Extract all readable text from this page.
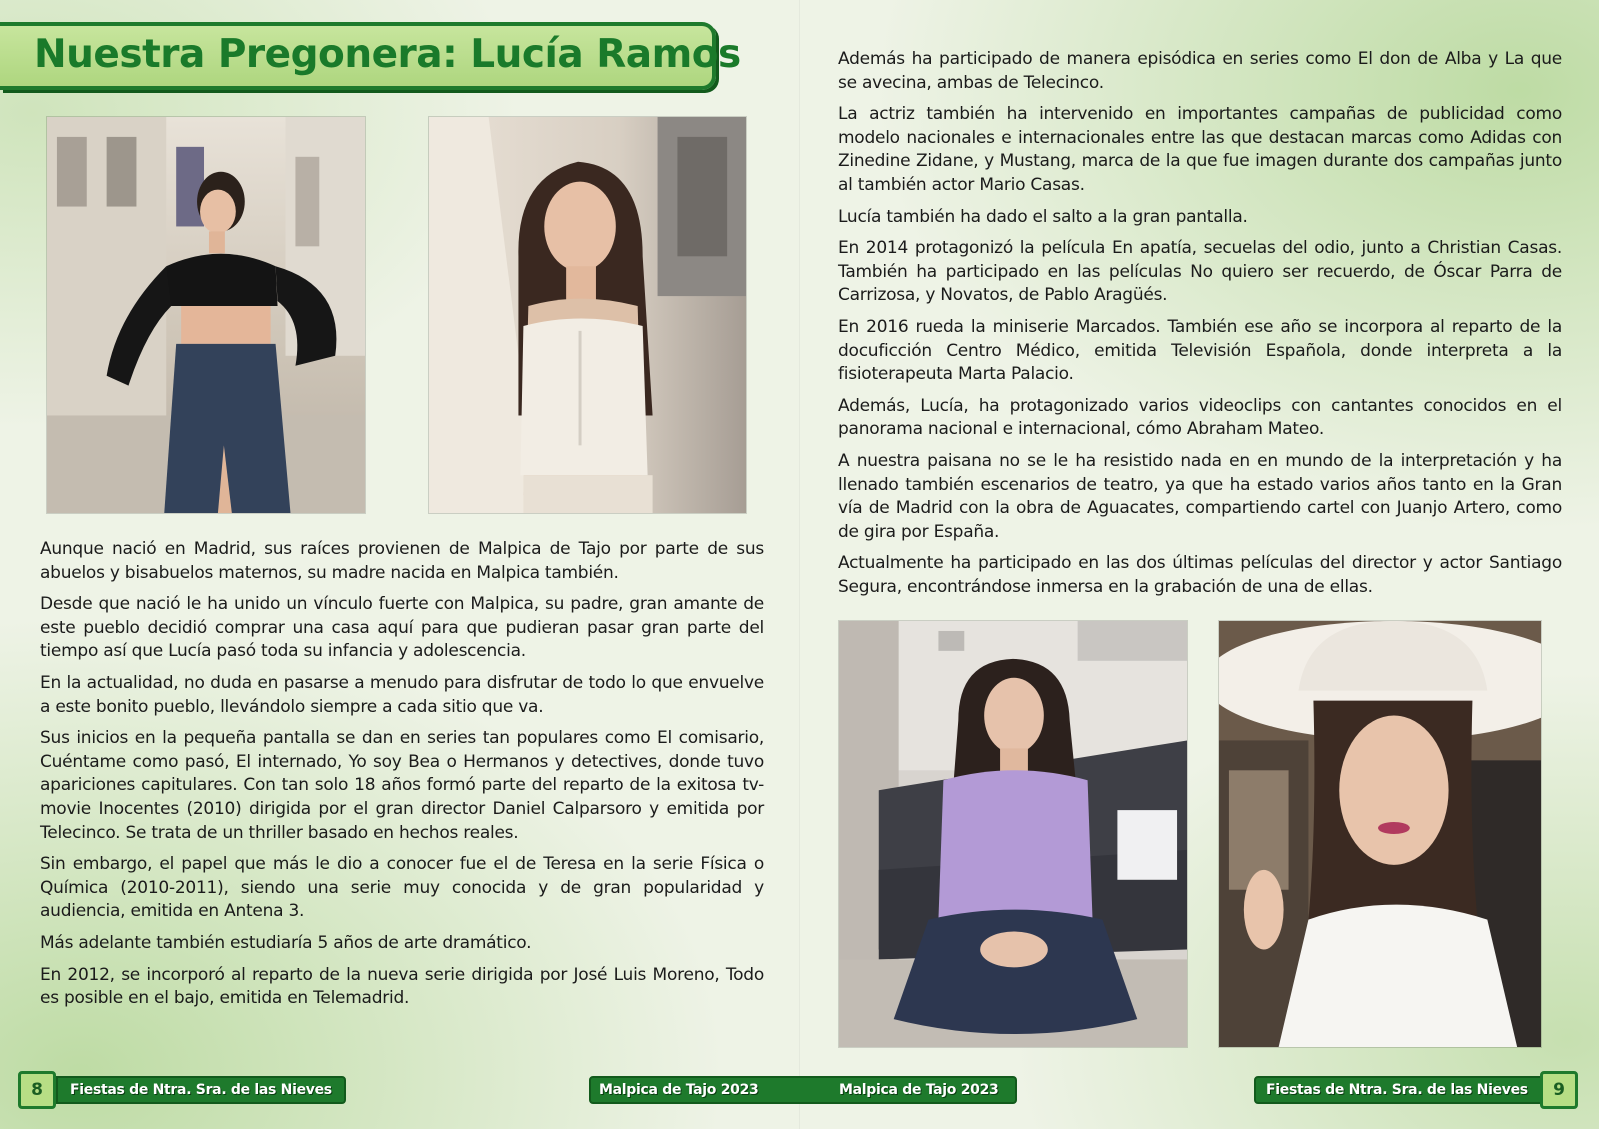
Nuestra Pregonera: Lucía Ramos

Aunque nació en Madrid, sus raíces provienen de Malpica de Tajo por parte de sus abuelos y bisabuelos maternos, su madre nacida en Malpica también.

Desde que nació le ha unido un vínculo fuerte con Malpica, su padre, gran amante de este pueblo decidió comprar una casa aquí para que pudieran pasar gran parte del tiempo así que Lucía pasó toda su infancia y adolescencia.

En la actualidad, no duda en pasarse a menudo para disfrutar de todo lo que envuelve a este bonito pueblo, llevándolo siempre a cada sitio que va.

Sus inicios en la pequeña pantalla se dan en series tan populares como El comisario, Cuéntame como pasó, El internado, Yo soy Bea o Hermanos y detectives, donde tuvo apariciones capitulares. Con tan solo 18 años formó parte del reparto de la exitosa tv-movie Inocentes (2010) dirigida por el gran director Daniel Calparsoro y emitida por Telecinco. Se trata de un thriller basado en hechos reales.

Sin embargo, el papel que más le dio a conocer fue el de Teresa en la serie Física o Química (2010-2011), siendo una serie muy conocida y de gran popularidad y audiencia, emitida en Antena 3.

Más adelante también estudiaría 5 años de arte dramático.

En 2012, se incorporó al reparto de la nueva serie dirigida por José Luis Moreno, Todo es posible en el bajo, emitida en Telemadrid.

Además ha participado de manera episódica en series como El don de Alba y La que se avecina, ambas de Telecinco.

La actriz también ha intervenido en importantes campañas de publicidad como modelo nacionales e internacionales entre las que destacan marcas como Adidas con Zinedine Zidane, y Mustang, marca de la que fue imagen durante dos campañas junto al también actor Mario Casas.

Lucía también ha dado el salto a la gran pantalla.

En 2014 protagonizó la película En apatía, secuelas del odio, junto a Christian Casas. También ha participado en las películas No quiero ser recuerdo, de Óscar Parra de Carrizosa, y Novatos, de Pablo Aragüés.

En 2016 rueda la miniserie Marcados. También ese año se incorpora al reparto de la docuficción Centro Médico, emitida Televisión Española, donde interpreta a la fisioterapeuta Marta Palacio.

Además, Lucía, ha protagonizado varios videoclips con cantantes conocidos en el panorama nacional e internacional, cómo Abraham Mateo.

A nuestra paisana no se le ha resistido nada en en mundo de la interpretación y ha llenado también escenarios de teatro, ya que ha estado varios años tanto en la Gran vía de Madrid con la obra de Aguacates, compartiendo cartel con Juanjo Artero, como de gira por España.

Actualmente ha participado en las dos últimas películas del director y actor Santiago Segura, encontrándose inmersa en la grabación de una de ellas.

8	Fiestas de Ntra. Sra. de las Nieves	Malpica de Tajo 2023	Malpica de Tajo 2023	Fiestas de Ntra. Sra. de las Nieves	9
